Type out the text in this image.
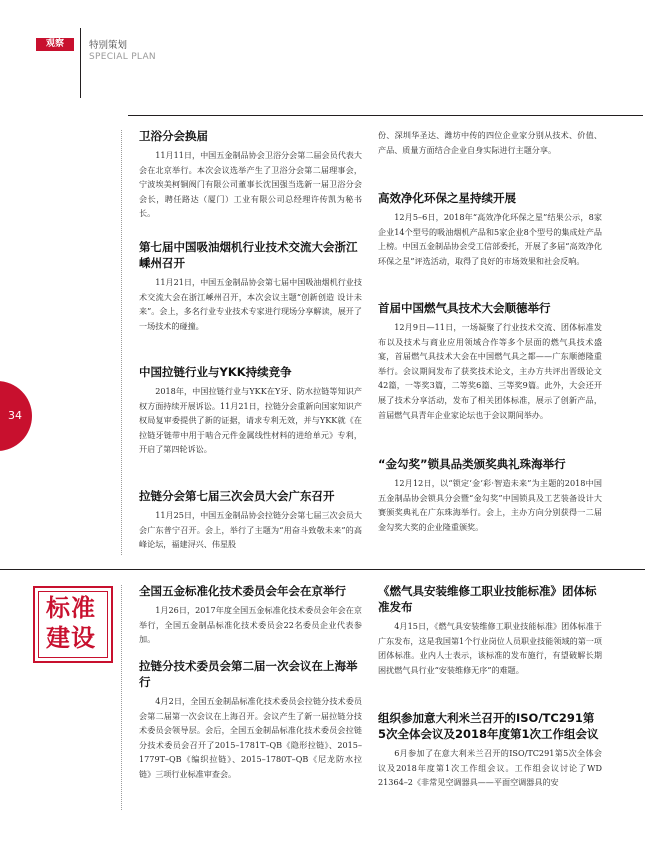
观察	特别策划
SPECIAL PLAN
34
标准建设
卫浴分会换届

11月11日，中国五金制品协会卫浴分会第二届会员代表大会在北京举行。本次会议选举产生了卫浴分会第二届理事会，宁波埃美柯铜阀门有限公司董事长沈国强当选新一届卫浴分会会长，聘任路达（厦门）工业有限公司总经理许传凯为秘书长。

第七届中国吸油烟机行业技术交流大会浙江嵊州召开

11月21日，中国五金制品协会第七届中国吸油烟机行业技术交流大会在浙江嵊州召开，本次会议主题“创新创造 设计未来”。会上，多名行业专业技术专家进行现场分享解读，展开了一场技术的碰撞。

中国拉链行业与YKK持续竞争

2018年，中国拉链行业与YKK在Y牙、防水拉链等知识产权方面持续开展诉讼。11月21日，拉链分会重新向国家知识产权局复审委提供了新的证据，请求专利无效，并与YKK就《在拉链牙链带中用于啮合元件金属线性材料的进给单元》专利，开启了第四轮诉讼。

拉链分会第七届三次会员大会广东召开

11月25日，中国五金制品协会拉链分会第七届三次会员大会广东普宁召开。会上，举行了主题为“用奋斗致敬未来”的高峰论坛，福建浔兴、伟星股

份、深圳华圣达、潍坊中传的四位企业家分别从技术、价值、产品、质量方面结合企业自身实际进行主题分享。

高效净化环保之星持续开展

12月5–6日，2018年“高效净化环保之星”结果公示，8家企业14个型号的吸油烟机产品和5家企业8个型号的集成灶产品上榜。中国五金制品协会受工信部委托，开展了多届“高效净化环保之星”评选活动，取得了良好的市场效果和社会反响。

首届中国燃气具技术大会顺德举行

12月9日—11日，一场凝聚了行业技术交流、团体标准发布以及技术与商业应用领域合作等多个层面的燃气具技术盛宴，首届燃气具技术大会在中国燃气具之都——广东顺德隆重举行。会议期间发布了获奖技术论文，主办方共评出晋级论文42篇，一等奖3篇，二等奖6篇、三等奖9篇。此外，大会还开展了技术分享活动，发布了相关团体标准，展示了创新产品，首届燃气具青年企业家论坛也于会议期间举办。

“金勾奖”锁具品类颁奖典礼珠海举行

12月12日，以“锁定‘金’彩·智造未来”为主题的2018中国五金制品协会锁具分会暨“金勾奖”中国锁具及工艺装备设计大赛颁奖典礼在广东珠海举行。会上，主办方向分别获得一二届金勾奖大奖的企业隆重颁奖。

全国五金标准化技术委员会年会在京举行

1月26日，2017年度全国五金标准化技术委员会年会在京举行，全国五金制品标准化技术委员会22名委员企业代表参加。

拉链分技术委员会第二届一次会议在上海举行

4月2日，全国五金制品标准化技术委员会拉链分技术委员会第二届第一次会议在上海召开。会议产生了新一届拉链分技术委员会领导层。会后，全国五金制品标准化技术委员会拉链分技术委员会召开了2015–1781T–QB《隐形拉链》、2015–1779T–QB《编织拉链》、2015–1780T–QB《尼龙防水拉链》三项行业标准审查会。

《燃气具安装维修工职业技能标准》团体标准发布

4月15日，《燃气具安装维修工职业技能标准》团体标准于广东发布，这是我国第1个行业岗位人员职业技能领域的第一项团体标准。业内人士表示，该标准的发布施行，有望破解长期困扰燃气具行业“安装维修无序”的难题。

组织参加意大利米兰召开的ISO/TC291第5次全体会议及2018年度第1次工作组会议

6月参加了在意大利米兰召开的ISO/TC291第5次全体会议及2018年度第1次工作组会议。工作组会议讨论了WD 21364–2《非常见空调器具——平面空调器具的安
